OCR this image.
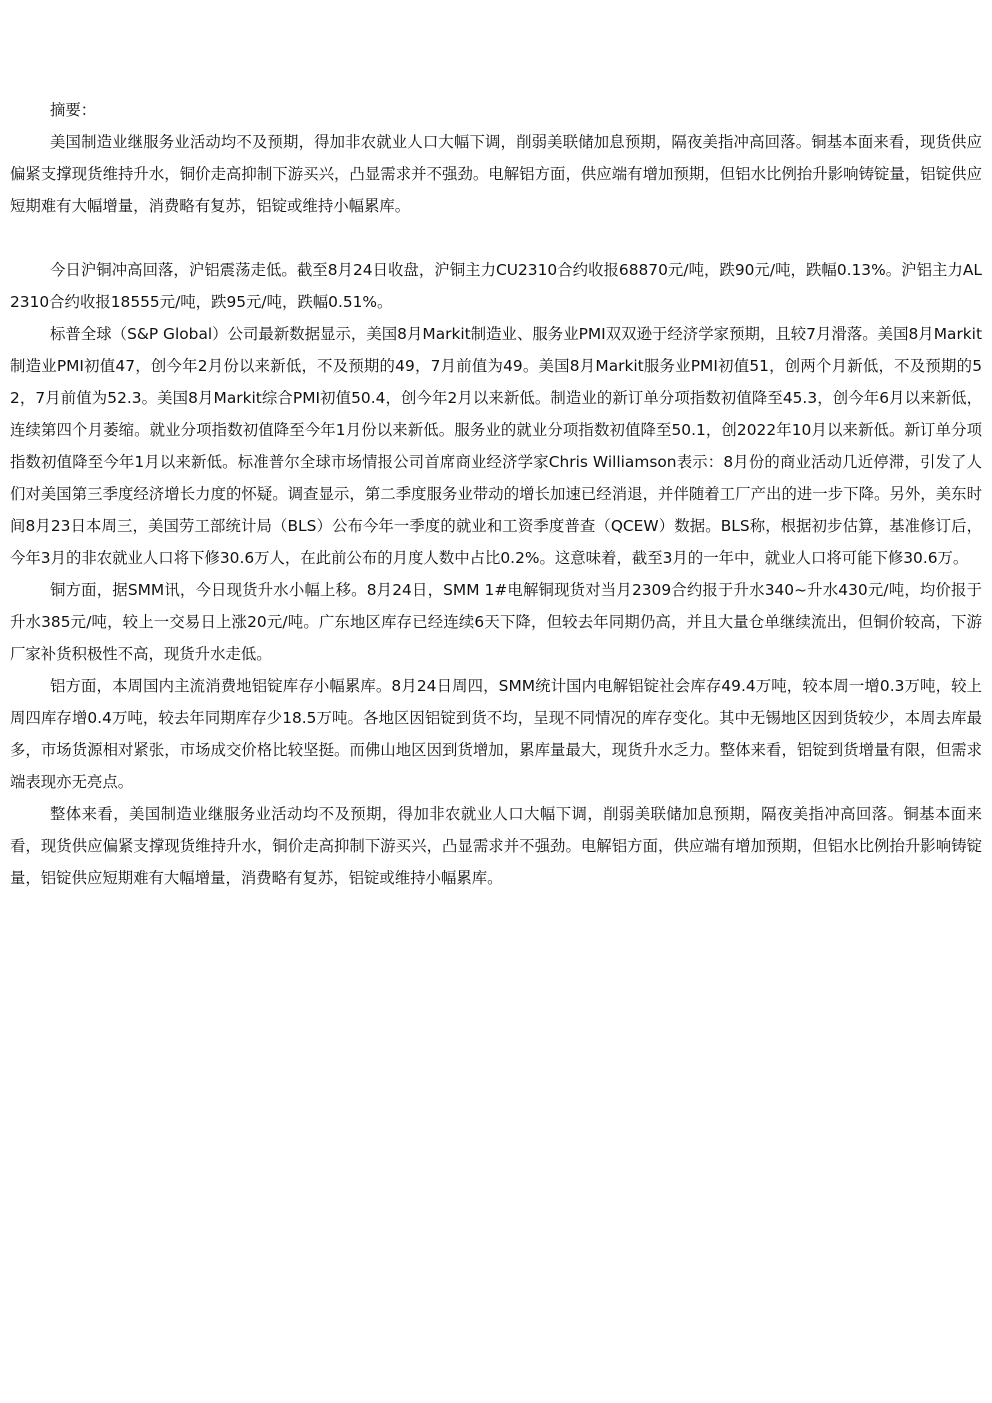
摘要：

美国制造业继服务业活动均不及预期，得加非农就业人口大幅下调，削弱美联储加息预期，隔夜美指冲高回落。铜基本面来看，现货供应偏紧支撑现货维持升水，铜价走高抑制下游买兴，凸显需求并不强劲。电解铝方面，供应端有增加预期，但铝水比例抬升影响铸锭量，铝锭供应短期难有大幅增量，消费略有复苏，铝锭或维持小幅累库。

今日沪铜冲高回落，沪铝震荡走低。截至8月24日收盘，沪铜主力CU2310合约收报68870元/吨，跌90元/吨，跌幅0.13%。沪铝主力AL2310合约收报18555元/吨，跌95元/吨，跌幅0.51%。

标普全球（S&P Global）公司最新数据显示，美国8月Markit制造业、服务业PMI双双逊于经济学家预期，且较7月滑落。美国8月Markit制造业PMI初值47，创今年2月份以来新低，不及预期的49，7月前值为49。美国8月Markit服务业PMI初值51，创两个月新低，不及预期的52，7月前值为52.3。美国8月Markit综合PMI初值50.4，创今年2月以来新低。制造业的新订单分项指数初值降至45.3，创今年6月以来新低，连续第四个月萎缩。就业分项指数初值降至今年1月份以来新低。服务业的就业分项指数初值降至50.1，创2022年10月以来新低。新订单分项指数初值降至今年1月以来新低。标准普尔全球市场情报公司首席商业经济学家Chris Williamson表示：8月份的商业活动几近停滞，引发了人们对美国第三季度经济增长力度的怀疑。调查显示，第二季度服务业带动的增长加速已经消退，并伴随着工厂产出的进一步下降。另外，美东时间8月23日本周三，美国劳工部统计局（BLS）公布今年一季度的就业和工资季度普查（QCEW）数据。BLS称，根据初步估算，基准修订后，今年3月的非农就业人口将下修30.6万人，在此前公布的月度人数中占比0.2%。这意味着，截至3月的一年中，就业人口将可能下修30.6万。

铜方面，据SMM讯，今日现货升水小幅上移。8月24日，SMM 1#电解铜现货对当月2309合约报于升水340~升水430元/吨，均价报于升水385元/吨，较上一交易日上涨20元/吨。广东地区库存已经连续6天下降，但较去年同期仍高，并且大量仓单继续流出，但铜价较高，下游厂家补货积极性不高，现货升水走低。

铝方面，本周国内主流消费地铝锭库存小幅累库。8月24日周四，SMM统计国内电解铝锭社会库存49.4万吨，较本周一增0.3万吨，较上周四库存增0.4万吨，较去年同期库存少18.5万吨。各地区因铝锭到货不均，呈现不同情况的库存变化。其中无锡地区因到货较少，本周去库最多，市场货源相对紧张，市场成交价格比较坚挺。而佛山地区因到货增加，累库量最大，现货升水乏力。整体来看，铝锭到货增量有限，但需求端表现亦无亮点。

整体来看，美国制造业继服务业活动均不及预期，得加非农就业人口大幅下调，削弱美联储加息预期，隔夜美指冲高回落。铜基本面来看，现货供应偏紧支撑现货维持升水，铜价走高抑制下游买兴，凸显需求并不强劲。电解铝方面，供应端有增加预期，但铝水比例抬升影响铸锭量，铝锭供应短期难有大幅增量，消费略有复苏，铝锭或维持小幅累库。
